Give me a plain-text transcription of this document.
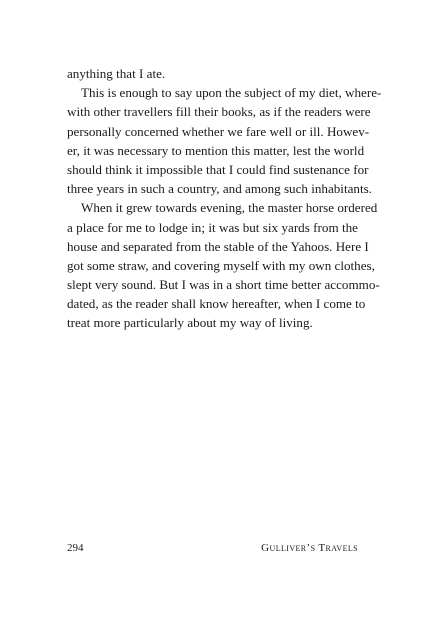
anything that I ate.
This is enough to say upon the subject of my diet, where-
with other travellers fill their books, as if the readers were
personally concerned whether we fare well or ill. Howev-
er, it was necessary to mention this matter, lest the world
should think it impossible that I could find sustenance for
three years in such a country, and among such inhabitants.
When it grew towards evening, the master horse ordered
a place for me to lodge in; it was but six yards from the
house and separated from the stable of the Yahoos. Here I
got some straw, and covering myself with my own clothes,
slept very sound. But I was in a short time better accommo-
dated, as the reader shall know hereafter, when I come to
treat more particularly about my way of living.
294	Gulliver’s Travels
